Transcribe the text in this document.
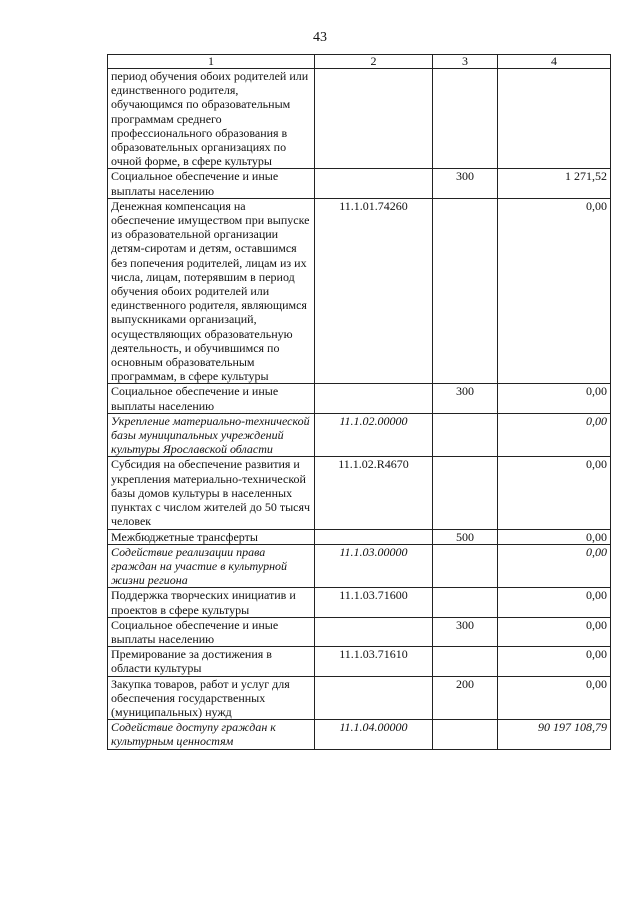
43
1	2	3	4
период обучения обоих родителей или единственного родителя, обучающимся по образовательным программам среднего профессионального образования в образовательных организациях по очной форме, в сфере культуры			
Социальное обеспечение и иные выплаты населению		300	1 271,52
Денежная компенсация на обеспечение имуществом при выпуске из образовательной организации детям-сиротам и детям, оставшимся без попечения родителей, лицам из их числа, лицам, потерявшим в период обучения обоих родителей или единственного родителя, являющимся выпускниками организаций, осуществляющих образовательную деятельность, и обучившимся по основным образовательным программам, в сфере культуры	11.1.01.74260		0,00
Социальное обеспечение и иные выплаты населению		300	0,00
Укрепление материально-технической базы муниципальных учреждений культуры Ярославской области	11.1.02.00000		0,00
Субсидия на обеспечение развития и укрепления материально-технической базы домов культуры в населенных пунктах с числом жителей до 50 тысяч человек	11.1.02.R4670		0,00
Межбюджетные трансферты		500	0,00
Содействие реализации права граждан на участие в культурной жизни региона	11.1.03.00000		0,00
Поддержка творческих инициатив и проектов в сфере культуры	11.1.03.71600		0,00
Социальное обеспечение и иные выплаты населению		300	0,00
Премирование за достижения в области культуры	11.1.03.71610		0,00
Закупка товаров, работ и услуг для обеспечения государственных (муниципальных) нужд		200	0,00
Содействие доступу граждан к культурным ценностям	11.1.04.00000		90 197 108,79
